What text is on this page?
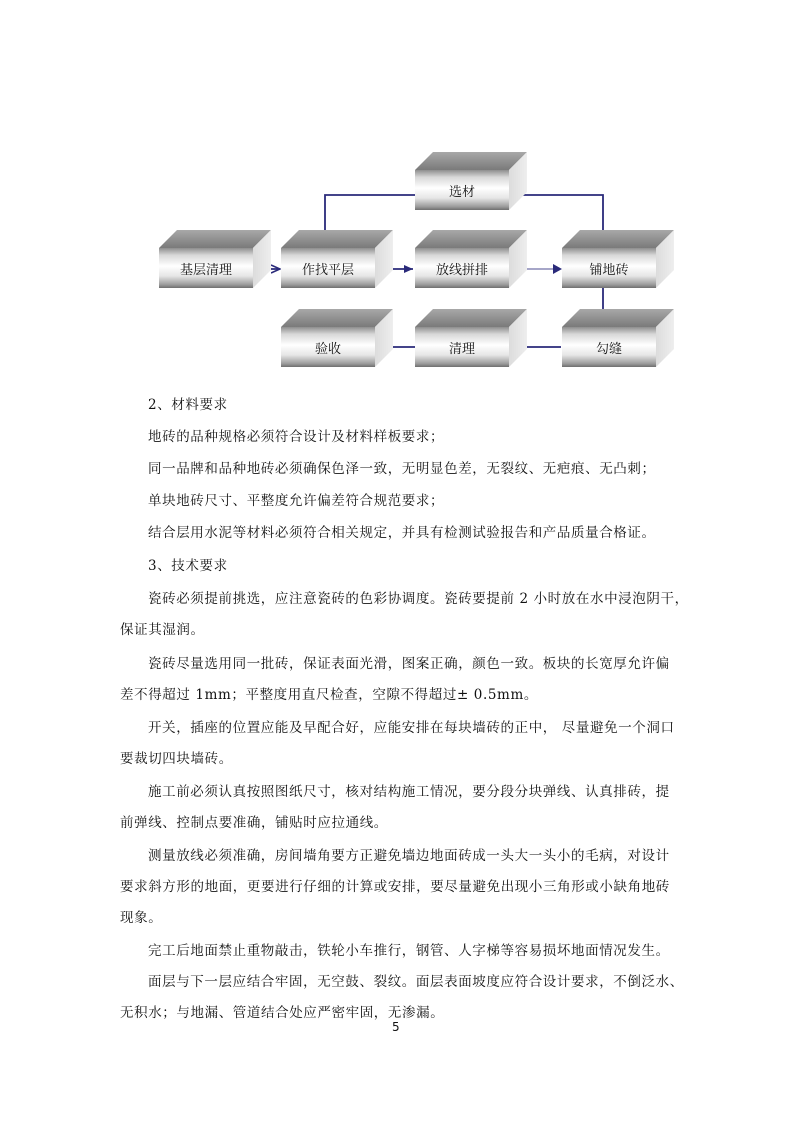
基层清理	作找平层	放线拼排	铺地砖
选材
勾缝
清理
验收
2、材料要求
地砖的品种规格必须符合设计及材料样板要求；
同一品牌和品种地砖必须确保色泽一致，无明显色差，无裂纹、无疤痕、无凸刺；
单块地砖尺寸、平整度允许偏差符合规范要求；
结合层用水泥等材料必须符合相关规定，并具有检测试验报告和产品质量合格证。
3、技术要求
瓷砖必须提前挑选，应注意瓷砖的色彩协调度。瓷砖要提前 2 小时放在水中浸泡阴干，
保证其湿润。
瓷砖尽量选用同一批砖，保证表面光滑，图案正确，颜色一致。板块的长宽厚允许偏
差不得超过 1mm；平整度用直尺检查，空隙不得超过± 0.5mm。
开关，插座的位置应能及早配合好，应能安排在每块墙砖的正中， 尽量避免一个洞口
要裁切四块墙砖。
施工前必须认真按照图纸尺寸，核对结构施工情况，要分段分块弹线、认真排砖，提
前弹线、控制点要准确，铺贴时应拉通线。
测量放线必须准确，房间墙角要方正避免墙边地面砖成一头大一头小的毛病，对设计
要求斜方形的地面，更要进行仔细的计算或安排，要尽量避免出现小三角形或小缺角地砖
现象。
完工后地面禁止重物敲击，铁轮小车推行，钢管、人字梯等容易损坏地面情况发生。
面层与下一层应结合牢固，无空鼓、裂纹。面层表面坡度应符合设计要求，不倒泛水、
无积水；与地漏、管道结合处应严密牢固，无渗漏。
5
